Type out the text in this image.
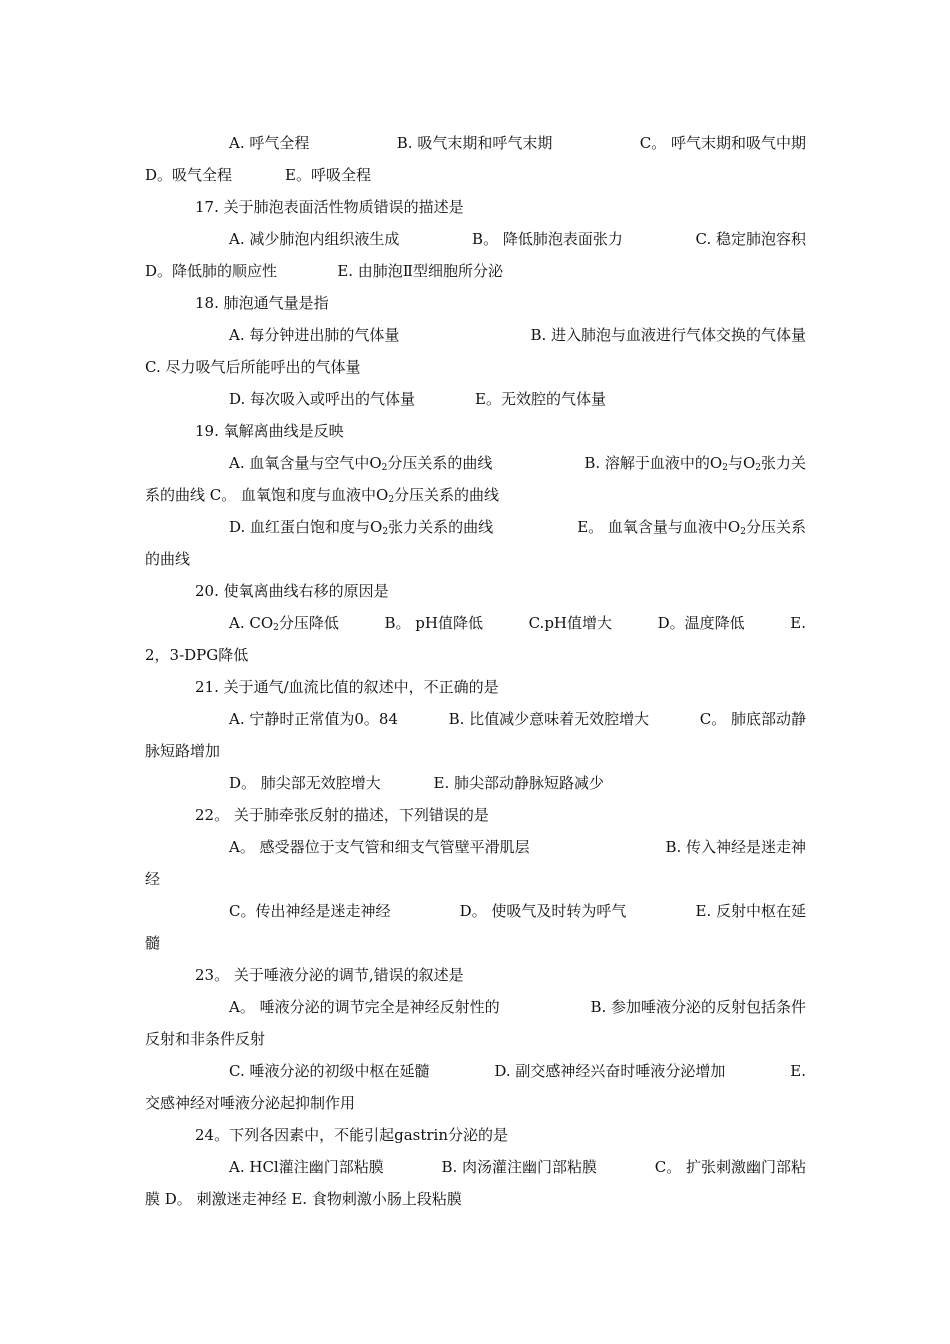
A. 呼气全程	B. 吸气末期和呼气末期	C。 呼气末期和吸气中期
D。吸气全程	E。呼吸全程
17. 关于肺泡表面活性物质错误的描述是
A. 减少肺泡内组织液生成	B。 降低肺泡表面张力	C. 稳定肺泡容积
D。降低肺的顺应性	E. 由肺泡Ⅱ型细胞所分泌
18. 肺泡通气量是指
A. 每分钟进出肺的气体量	B. 进入肺泡与血液进行气体交换的气体量
C. 尽力吸气后所能呼出的气体量
D. 每次吸入或呼出的气体量	E。无效腔的气体量
19. 氧解离曲线是反映
A. 血氧含量与空气中$O_2$分压关系的曲线	B. 溶解于血液中的$O_2$与$O_2$张力关
系的曲线 C。 血氧饱和度与血液中$O_2$分压关系的曲线
D. 血红蛋白饱和度与$O_2$张力关系的曲线	E。 血氧含量与血液中$O_2$分压关系
的曲线
20. 使氧离曲线右移的原因是
A. $CO_2$分压降低	B。 pH值降低	C.pH值增大	D。温度降低	E.
2，3-DPG降低
21. 关于通气/血流比值的叙述中，不正确的是
A. 宁静时正常值为0。84	B. 比值减少意味着无效腔增大	C。 肺底部动静
脉短路增加
D。 肺尖部无效腔增大	E. 肺尖部动静脉短路减少
22。 关于肺牵张反射的描述，下列错误的是
A。 感受器位于支气管和细支气管壁平滑肌层	B. 传入神经是迷走神
经
C。传出神经是迷走神经	D。 使吸气及时转为呼气	E. 反射中枢在延
髓
23。 关于唾液分泌的调节,错误的叙述是
A。 唾液分泌的调节完全是神经反射性的	B. 参加唾液分泌的反射包括条件
反射和非条件反射
C. 唾液分泌的初级中枢在延髓	D. 副交感神经兴奋时唾液分泌增加	E.
交感神经对唾液分泌起抑制作用
24。下列各因素中，不能引起gastrin分泌的是
A. HCl灌注幽门部粘膜	B. 肉汤灌注幽门部粘膜	C。 扩张刺激幽门部粘
膜 D。 刺激迷走神经 E. 食物刺激小肠上段粘膜
